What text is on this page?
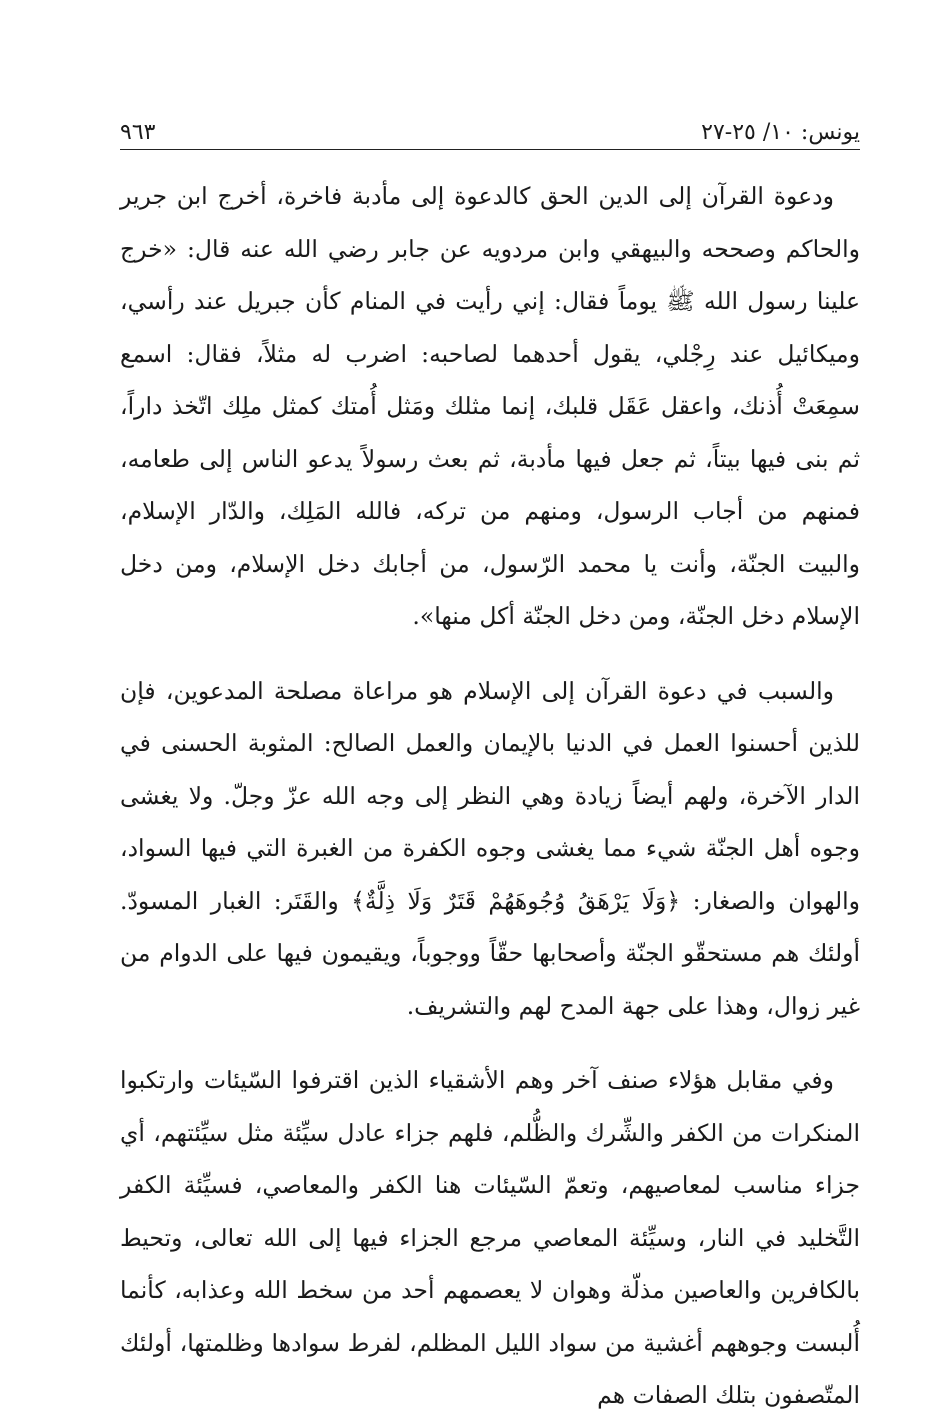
يونس: ١٠/ ٢٥-٢٧
٩٦٣

ودعوة القرآن إلى الدين الحق كالدعوة إلى مأدبة فاخرة، أخرج ابن جرير والحاكم وصححه والبيهقي وابن مردويه عن جابر رضي الله عنه قال: «خرج علينا رسول الله ﷺ يوماً فقال: إني رأيت في المنام كأن جبريل عند رأسي، وميكائيل عند رِجْلي، يقول أحدهما لصاحبه: اضرب له مثلاً، فقال: اسمع سمِعَتْ أُذنك، واعقل عَقَل قلبك، إنما مثلك ومَثل أُمتك كمثل ملِك اتّخذ داراً، ثم بنى فيها بيتاً، ثم جعل فيها مأدبة، ثم بعث رسولاً يدعو الناس إلى طعامه، فمنهم من أجاب الرسول، ومنهم من تركه، فالله المَلِك، والدّار الإسلام، والبيت الجنّة، وأنت يا محمد الرّسول، من أجابك دخل الإسلام، ومن دخل الإسلام دخل الجنّة، ومن دخل الجنّة أكل منها».

والسبب في دعوة القرآن إلى الإسلام هو مراعاة مصلحة المدعوين، فإن للذين أحسنوا العمل في الدنيا بالإيمان والعمل الصالح: المثوبة الحسنى في الدار الآخرة، ولهم أيضاً زيادة وهي النظر إلى وجه الله عزّ وجلّ. ولا يغشى وجوه أهل الجنّة شيء مما يغشى وجوه الكفرة من الغبرة التي فيها السواد، والهوان والصغار: ﴿وَلَا يَرْهَقُ وُجُوهَهُمْ قَتَرٌ وَلَا ذِلَّةٌ﴾ والقَتَر: الغبار المسودّ. أولئك هم مستحقّو الجنّة وأصحابها حقّاً ووجوباً، ويقيمون فيها على الدوام من غير زوال، وهذا على جهة المدح لهم والتشريف.

وفي مقابل هؤلاء صنف آخر وهم الأشقياء الذين اقترفوا السّيئات وارتكبوا المنكرات من الكفر والشِّرك والظُّلم، فلهم جزاء عادل سيِّئة مثل سيِّئتهم، أي جزاء مناسب لمعاصيهم، وتعمّ السّيئات هنا الكفر والمعاصي، فسيِّئة الكفر التَّخليد في النار، وسيِّئة المعاصي مرجع الجزاء فيها إلى الله تعالى، وتحيط بالكافرين والعاصين مذلّة وهوان لا يعصمهم أحد من سخط الله وعذابه، كأنما أُلبست وجوههم أغشية من سواد الليل المظلم، لفرط سوادها وظلمتها، أولئك المتّصفون بتلك الصفات هم
